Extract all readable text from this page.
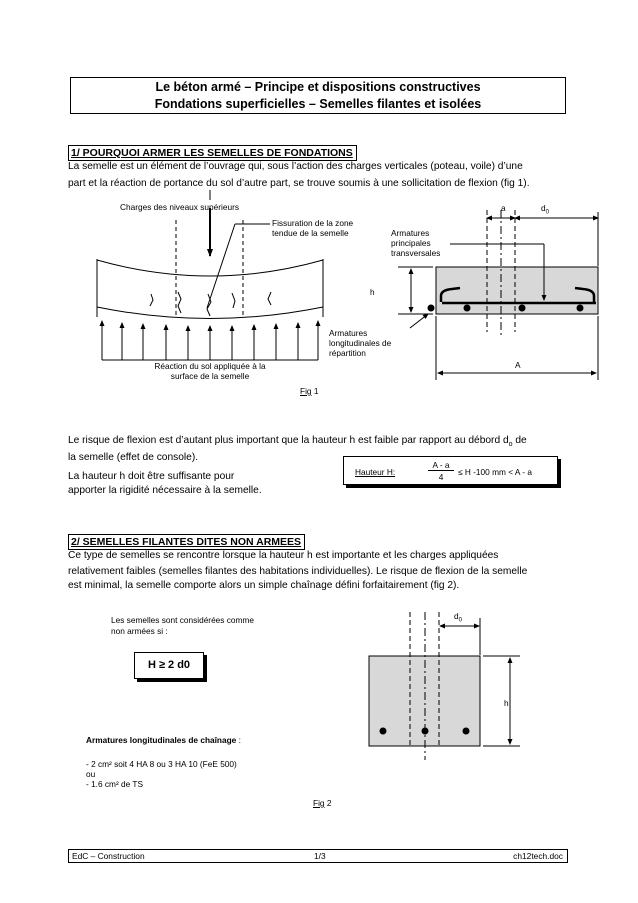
Le béton armé – Principe et dispositions constructives
Fondations superficielles – Semelles filantes et isolées
1/ POURQUOI ARMER LES SEMELLES DE FONDATIONS
La semelle est un élément de l’ouvrage qui, sous l’action des charges verticales (poteau, voile) d’une
part et la réaction de portance du sol d’autre part, se trouve soumis à une sollicitation de flexion (fig 1).
Charges des niveaux supérieurs
Fissuration de la zone
tendue de la semelle
Réaction du sol appliquée à la
surface de la semelle
Armatures
principales
transversales
Armatures
longitudinales de
répartition
a	$d_0$
h
A
Fig 1
Le risque de flexion est d’autant plus important que la hauteur h est faible par rapport au débord $d_o$ de
la semelle (effet de console).
La hauteur h doit être suffisante pour
apporter la rigidité nécessaire à la semelle.
Hauteur H:
A - a
4	≤ H -100 mm < A - a
2/ SEMELLES FILANTES DITES NON ARMEES
Ce type de semelles se rencontre lorsque la hauteur h est importante et les charges appliquées
relativement faibles (semelles filantes des habitations individuelles). Le risque de flexion de la semelle
est minimal, la semelle comporte alors un simple chaînage défini forfaitairement (fig 2).
Les semelles sont considérées comme
non armées si :
H ≥ 2 d0
Armatures longitudinales de chaînage :
- 2 cm² soit 4 HA 8 ou 3 HA 10 (FeE 500)
ou
- 1.6 cm² de TS
$d_0$
h
Fig 2
EdC – Construction	1/3	ch12tech.doc
